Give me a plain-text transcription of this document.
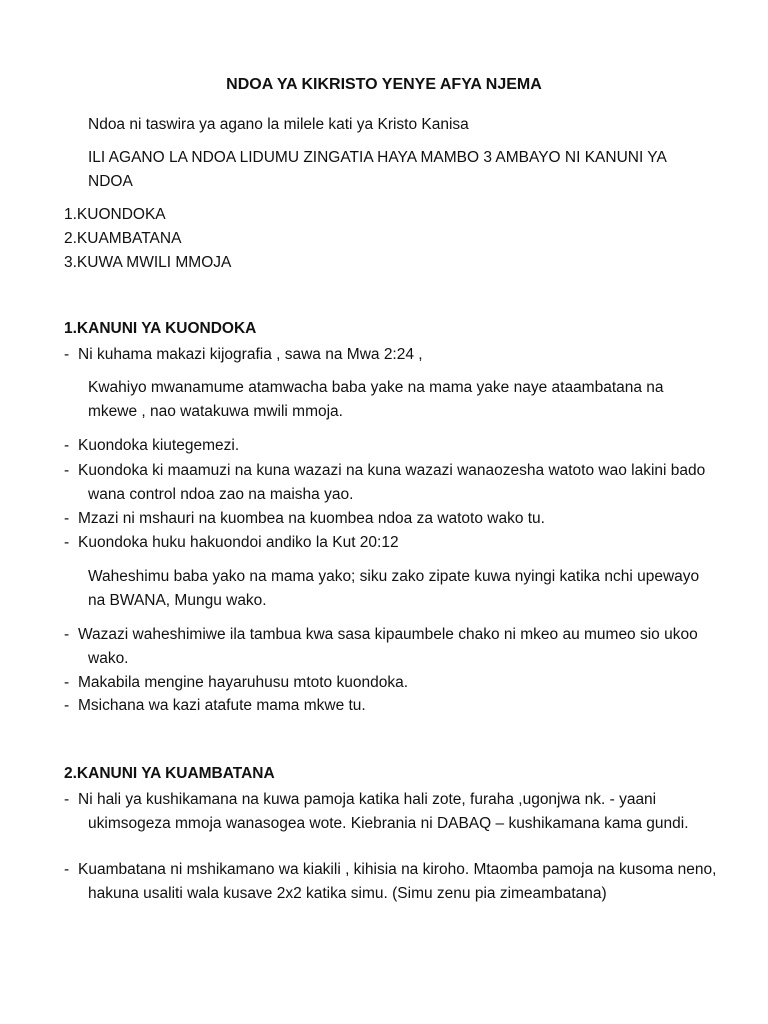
NDOA YA KIKRISTO YENYE AFYA NJEMA
Ndoa ni taswira ya agano la milele kati ya Kristo Kanisa
ILI AGANO LA NDOA LIDUMU ZINGATIA HAYA MAMBO 3 AMBAYO NI KANUNI YA NDOA
1.KUONDOKA
2.KUAMBATANA
3.KUWA MWILI MMOJA
1.KANUNI YA KUONDOKA
- Ni kuhama makazi kijografia , sawa na Mwa 2:24 ,
Kwahiyo mwanamume atamwacha baba yake na mama yake naye ataambatana na mkewe , nao watakuwa mwili mmoja.
- Kuondoka kiutegemezi.
- Kuondoka ki maamuzi na kuna wazazi na kuna wazazi wanaozesha watoto wao lakini bado wana control ndoa zao na maisha yao.
- Mzazi ni mshauri na kuombea na kuombea ndoa za watoto wako tu.
- Kuondoka huku hakuondoi andiko la Kut 20:12
Waheshimu baba yako na mama yako; siku zako zipate kuwa nyingi katika nchi upewayo na BWANA, Mungu wako.
- Wazazi waheshimiwe ila tambua kwa sasa kipaumbele chako ni mkeo au mumeo sio ukoo wako.
- Makabila mengine hayaruhusu mtoto kuondoka.
- Msichana wa kazi atafute mama mkwe tu.
2.KANUNI YA KUAMBATANA
- Ni hali ya kushikamana na kuwa pamoja katika hali zote, furaha ,ugonjwa nk. - yaani ukimsogeza mmoja wanasogea wote. Kiebrania ni DABAQ – kushikamana kama gundi.
- Kuambatana ni mshikamano wa kiakili , kihisia na kiroho. Mtaomba pamoja na kusoma neno, hakuna usaliti wala kusave 2x2 katika simu. (Simu zenu pia zimeambatana)
